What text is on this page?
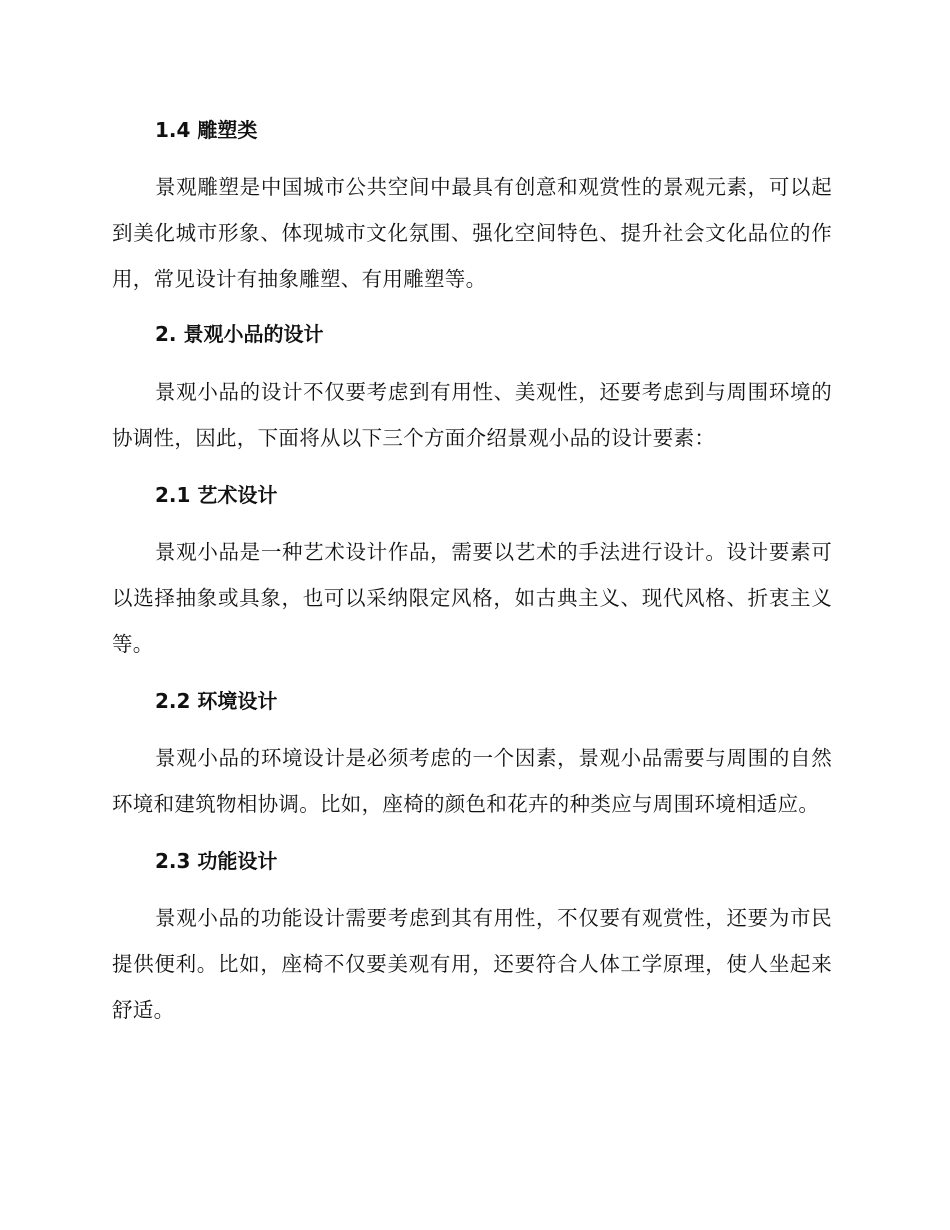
1.4 雕塑类

景观雕塑是中国城市公共空间中最具有创意和观赏性的景观元素，可以起到美化城市形象、体现城市文化氛围、强化空间特色、提升社会文化品位的作用，常见设计有抽象雕塑、有用雕塑等。

2. 景观小品的设计

景观小品的设计不仅要考虑到有用性、美观性，还要考虑到与周围环境的协调性，因此，下面将从以下三个方面介绍景观小品的设计要素：

2.1 艺术设计

景观小品是一种艺术设计作品，需要以艺术的手法进行设计。设计要素可以选择抽象或具象，也可以采纳限定风格，如古典主义、现代风格、折衷主义等。

2.2 环境设计

景观小品的环境设计是必须考虑的一个因素，景观小品需要与周围的自然环境和建筑物相协调。比如，座椅的颜色和花卉的种类应与周围环境相适应。

2.3 功能设计

景观小品的功能设计需要考虑到其有用性，不仅要有观赏性，还要为市民提供便利。比如，座椅不仅要美观有用，还要符合人体工学原理，使人坐起来舒适。
